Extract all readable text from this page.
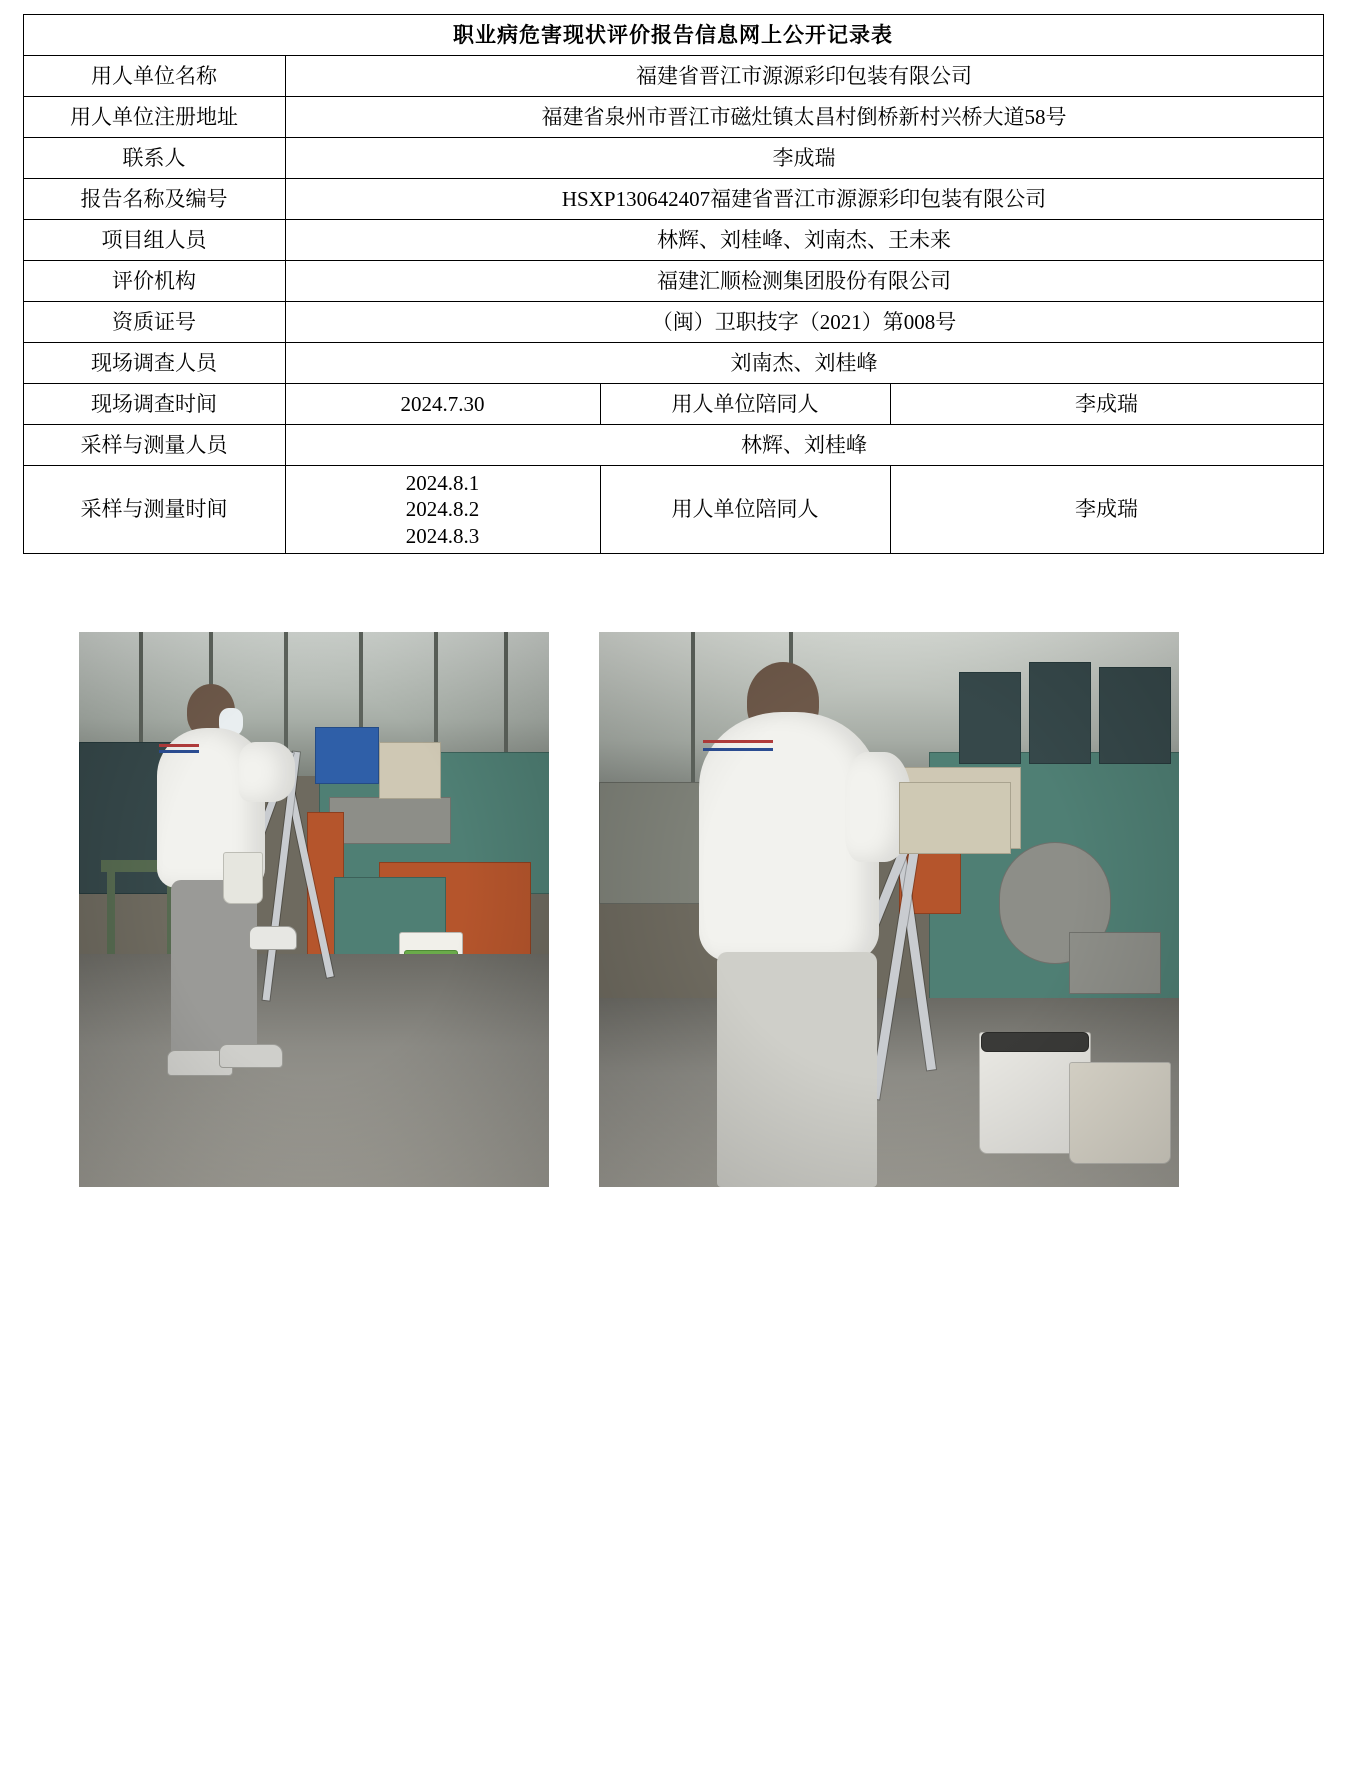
职业病危害现状评价报告信息网上公开记录表			
用人单位名称	福建省晋江市源源彩印包装有限公司		
用人单位注册地址	福建省泉州市晋江市磁灶镇太昌村倒桥新村兴桥大道58号		
联系人	李成瑞		
报告名称及编号	HSXP130642407福建省晋江市源源彩印包装有限公司		
项目组人员	林辉、刘桂峰、刘南杰、王未来		
评价机构	福建汇顺检测集团股份有限公司		
资质证号	（闽）卫职技字（2021）第008号		
现场调查人员	刘南杰、刘桂峰		
现场调查时间	2024.7.30	用人单位陪同人	李成瑞
采样与测量人员	林辉、刘桂峰		
采样与测量时间	2024.8.1
2024.8.2
2024.8.3	用人单位陪同人	李成瑞
